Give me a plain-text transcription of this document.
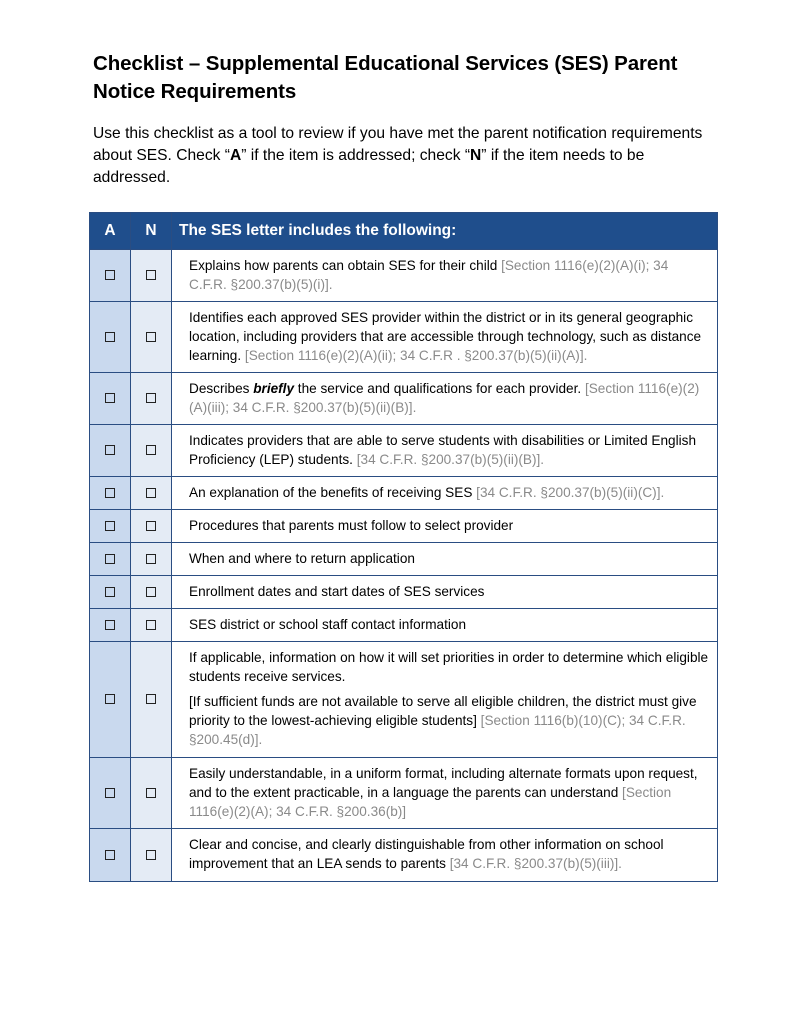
Checklist – Supplemental Educational Services (SES) Parent Notice Requirements

Use this checklist as a tool to review if you have met the parent notification requirements about SES. Check “A” if the item is addressed; check “N” if the item needs to be addressed.

A	N	The SES letter includes the following:

		Explains how parents can obtain SES for their child [Section 1116(e)(2)(A)(i); 34 C.F.R. §200.37(b)(5)(i)].

		Identifies each approved SES provider within the district or in its general geographic location, including providers that are accessible through technology, such as distance learning. [Section 1116(e)(2)(A)(ii); 34 C.F.R . §200.37(b)(5)(ii)(A)].

		Describes briefly the service and qualifications for each provider. [Section 1116(e)(2)(A)(iii); 34 C.F.R. §200.37(b)(5)(ii)(B)].

		Indicates providers that are able to serve students with disabilities or Limited English Proficiency (LEP) students. [34 C.F.R. §200.37(b)(5)(ii)(B)].

		An explanation of the benefits of receiving SES [34 C.F.R. §200.37(b)(5)(ii)(C)].

		Procedures that parents must follow to select provider

		When and where to return application

		Enrollment dates and start dates of SES services

		SES district or school staff contact information

		If applicable, information on how it will set priorities in order to determine which eligible students receive services.

[If sufficient funds are not available to serve all eligible children, the district must give priority to the lowest-achieving eligible students] [Section 1116(b)(10)(C); 34 C.F.R. §200.45(d)].

		Easily understandable, in a uniform format, including alternate formats upon request, and to the extent practicable, in a language the parents can understand [Section 1116(e)(2)(A); 34 C.F.R. §200.36(b)]

		Clear and concise, and clearly distinguishable from other information on school improvement that an LEA sends to parents [34 C.F.R. §200.37(b)(5)(iii)].
